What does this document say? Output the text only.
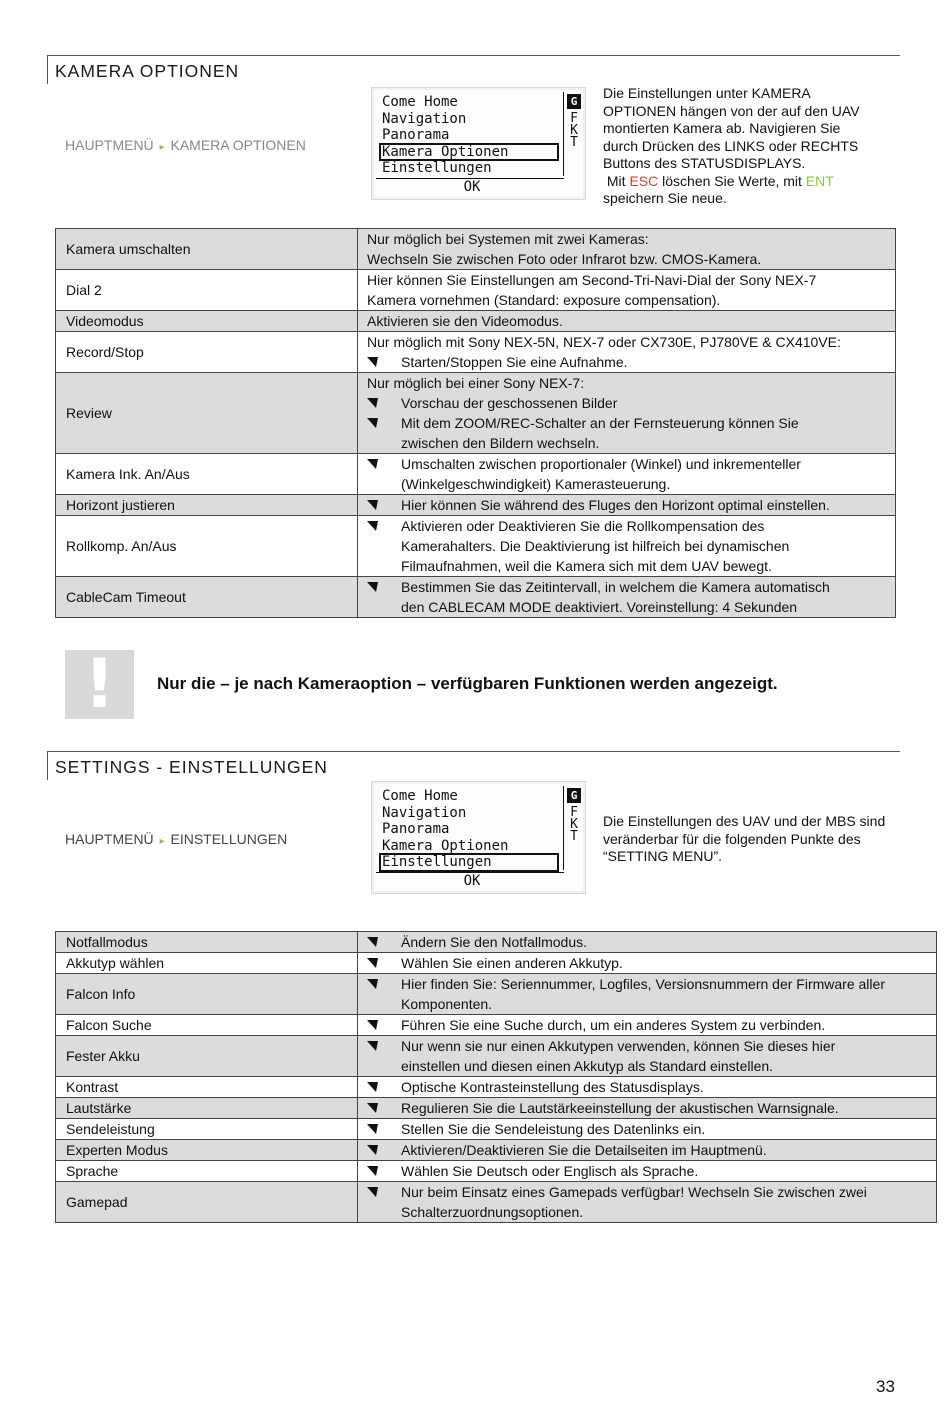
KAMERA OPTIONEN
HAUPTMENÜ ▸ KAMERA OPTIONEN
Come Home
Navigation
Panorama
Kamera Optionen
Einstellungen
G
F
K
T
OK
Die Einstellungen unter KAMERA
OPTIONEN hängen von der auf den UAV
montierten Kamera ab. Navigieren Sie
durch Drücken des LINKS oder RECHTS
Buttons des STATUSDISPLAYS.
Mit ESC löschen Sie Werte, mit ENT
speichern Sie neue.
Kamera umschalten	Nur möglich bei Systemen mit zwei Kameras:
Wechseln Sie zwischen Foto oder Infrarot bzw. CMOS-Kamera.

Dial 2	Hier können Sie Einstellungen am Second-Tri-Navi-Dial der Sony NEX-7
Kamera vornehmen (Standard: exposure compensation).

Videomodus	Aktivieren sie den Videomodus.

Record/Stop	Nur möglich mit Sony NEX-5N, NEX-7 oder CX730E, PJ780VE & CX410VE:
Starten/Stoppen Sie eine Aufnahme.

Review	Nur möglich bei einer Sony NEX-7:
Vorschau der geschossenen Bilder
Mit dem ZOOM/REC-Schalter an der Fernsteuerung können Sie
zwischen den Bildern wechseln.

Kamera Ink. An/Aus	Umschalten zwischen proportionaler (Winkel) und inkrementeller
(Winkelgeschwindigkeit) Kamerasteuerung.

Horizont justieren	Hier können Sie während des Fluges den Horizont optimal einstellen.

Rollkomp. An/Aus	Aktivieren oder Deaktivieren Sie die Rollkompensation des
Kamerahalters. Die Deaktivierung ist hilfreich bei dynamischen
Filmaufnahmen, weil die Kamera sich mit dem UAV bewegt.

CableCam Timeout	Bestimmen Sie das Zeitintervall, in welchem die Kamera automatisch
den CABLECAM MODE deaktiviert. Voreinstellung: 4 Sekunden
!	Nur die – je nach Kameraoption – verfügbaren Funktionen werden angezeigt.
SETTINGS - EINSTELLUNGEN
HAUPTMENÜ ▸ EINSTELLUNGEN
Come Home
Navigation
Panorama
Kamera Optionen
Einstellungen
G
F
K
T
OK
Die Einstellungen des UAV und der MBS sind
veränderbar für die folgenden Punkte des
“SETTING MENU”.
Notfallmodus	Ändern Sie den Notfallmodus.

Akkutyp wählen	Wählen Sie einen anderen Akkutyp.

Falcon Info	Hier finden Sie: Seriennummer, Logfiles, Versionsnummern der Firmware aller
Komponenten.

Falcon Suche	Führen Sie eine Suche durch, um ein anderes System zu verbinden.

Fester Akku	Nur wenn sie nur einen Akkutypen verwenden, können Sie dieses hier
einstellen und diesen einen Akkutyp als Standard einstellen.

Kontrast	Optische Kontrasteinstellung des Statusdisplays.

Lautstärke	Regulieren Sie die Lautstärkeeinstellung der akustischen Warnsignale.

Sendeleistung	Stellen Sie die Sendeleistung des Datenlinks ein.

Experten Modus	Aktivieren/Deaktivieren Sie die Detailseiten im Hauptmenü.

Sprache	Wählen Sie Deutsch oder Englisch als Sprache.

Gamepad	Nur beim Einsatz eines Gamepads verfügbar! Wechseln Sie zwischen zwei
Schalterzuordnungsoptionen.
33
